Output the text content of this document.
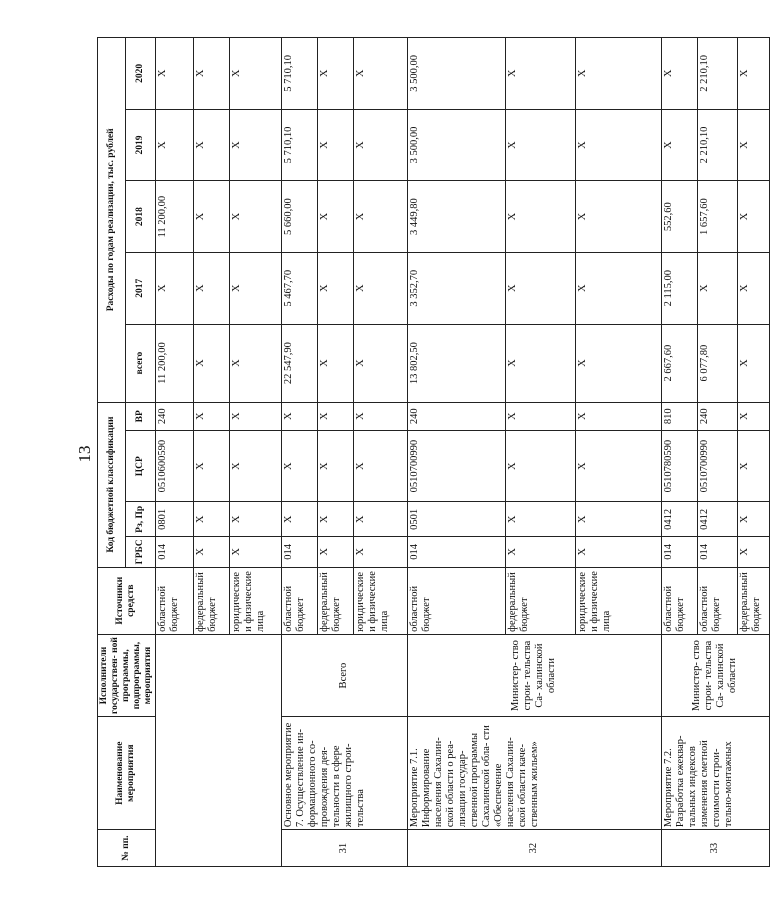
13
№ пп.	Наименование мероприятия	Исполнители государствен- ной программы, подпрограммы, мероприятия	Источники средств	Код бюджетной классификации				Расходы по годам реализации, тыс. рублей				
				ГРБС	Рз, Пр	ЦСР	ВР	всего	2017	2018	2019	2020
			областной бюджет	014	0801	0510600590	240	11 200,00	Х	11 200,00	Х	Х
			федеральный бюджет	Х	Х	Х	Х	Х	Х	Х	Х	Х
			юридические и физические лица	Х	Х	Х	Х	Х	Х	Х	Х	Х
31	Основное мероприятие 7. Осуществление ин- формационного со- провождения дея- тельности в сфере жилищного строи- тельства	Всего	областной бюджет	014	Х	Х	Х	22 547,90	5 467,70	5 660,00	5 710,10	5 710,10
			федеральный бюджет	Х	Х	Х	Х	Х	Х	Х	Х	Х
			юридические и физические лица	Х	Х	Х	Х	Х	Х	Х	Х	Х
32	Мероприятие 7.1. Информирование населения Сахалин- ской области о реа- лизации государ- ственной программы Сахалинской обла- сти «Обеспечение населения Сахалин- ской области каче- ственным жильем»	Министер- ство строи- тельства Са- халинской области	областной бюджет	014	0501	0510700990	240	13 802,50	3 352,70	3 449,80	3 500,00	3 500,00
			федеральный бюджет	Х	Х	Х	Х	Х	Х	Х	Х	Х
			юридические и физические лица	Х	Х	Х	Х	Х	Х	Х	Х	Х
33	Мероприятие 7.2. Разработка ежеквар- тальных индексов изменения сметной стоимости строи- тельно-монтажных	Министер- ство строи- тельства Са- халинской области	областной бюджет	014	0412	0510780590	810	2 667,60	2 115,00	552,60	Х	Х
			областной бюджет	014	0412	0510700990	240	6 077,80	Х	1 657,60	2 210,10	2 210,10
			федеральный бюджет	Х	Х	Х	Х	Х	Х	Х	Х	Х
